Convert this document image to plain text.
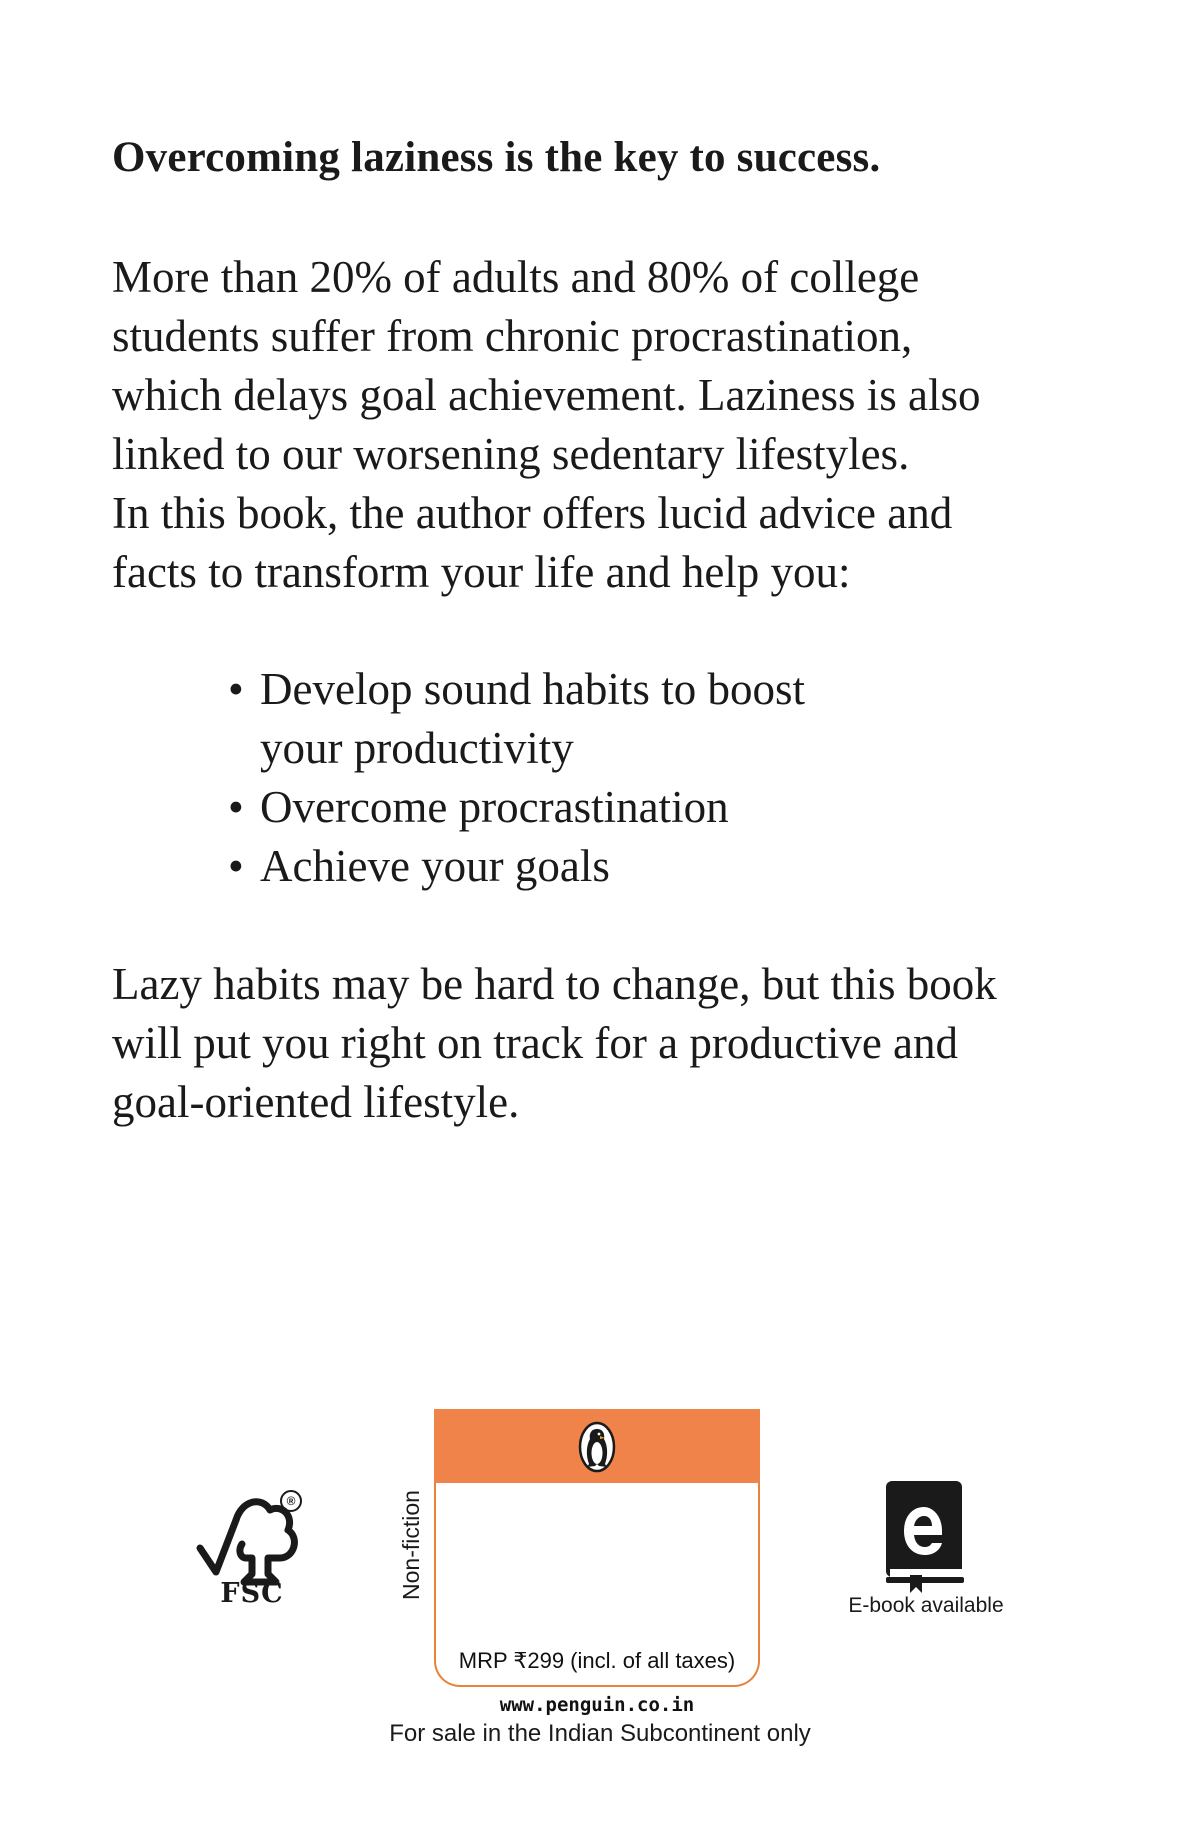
Overcoming laziness is the key to success.

More than 20% of adults and 80% of college
students suffer from chronic procrastination,
which delays goal achievement. Laziness is also
linked to our worsening sedentary lifestyles.
In this book, the author offers lucid advice and
facts to transform your life and help you:

• Develop sound habits to boost
your productivity
• Overcome procrastination
• Achieve your goals

Lazy habits may be hard to change, but this book
will put you right on track for a productive and
goal-oriented lifestyle.

®
FSC	Non-fiction
MRP ₹299 (incl. of all taxes)
www.penguin.co.in
For sale in the Indian Subcontinent only
E-book available
